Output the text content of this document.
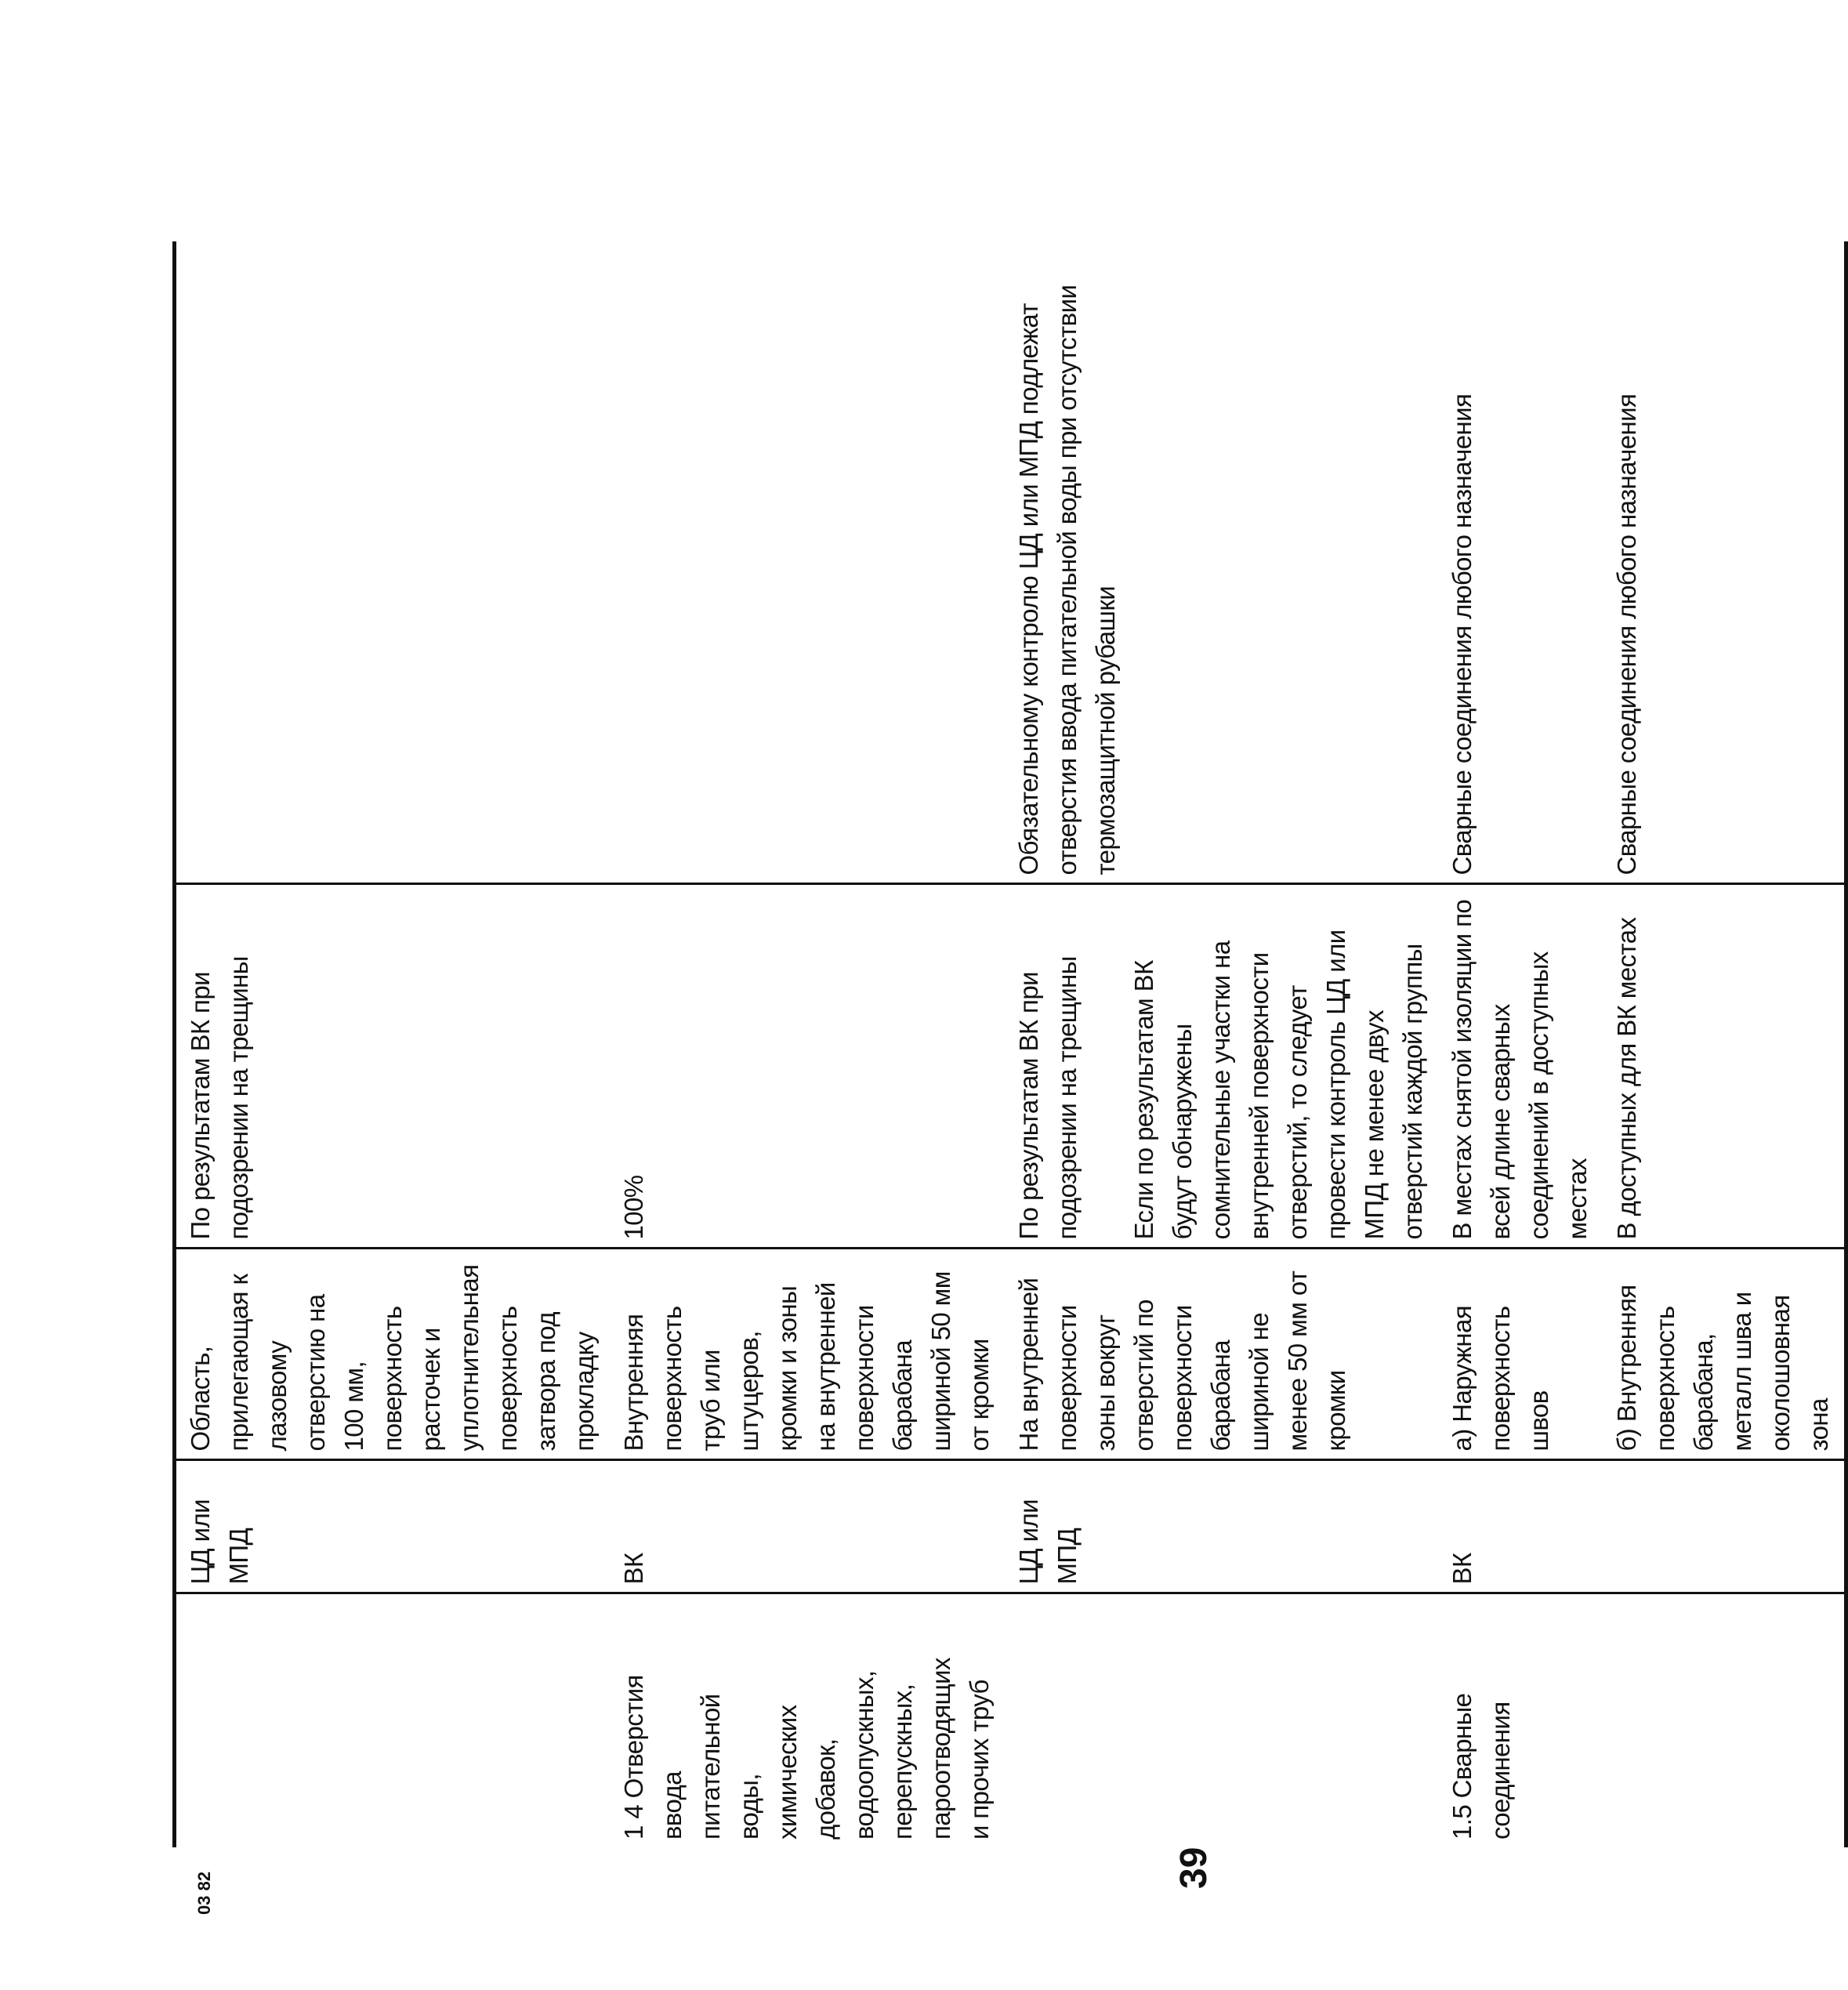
		ЦД или МПД	Область, прилегающая к лазовому отверстию на 100 мм, поверхность расточек и уплотнительная поверхность затвора под прокладку	По результатам ВК при подозрении на трещины	

1 4 Отверстия ввода питательной воды, химических добавок, водоопускных, перепускных, пароотводящих и прочих труб		ВК	Внутренняя поверхность труб или штуцеров, кромки и зоны на внутренней поверхности барабана шириной 50 мм от кромки	100%	

		ЦД или МПД	На внутренней поверхности зоны вокруг отверстий по поверхности барабана шириной не менее 50 мм от кромки	По результатам ВК при подозрении на трещины Если по результатам ВК будут обнаружены сомнительные участки на внутренней поверхности отверстий, то следует провести контроль ЦД или МПД не менее двух отверстий каждой группы	Обязательному контролю ЦД или МПД подлежат отверстия ввода питательной воды при отсутствии термозащитной рубашки

1.5 Сварные соединения		ВК	а) Наружная поверхность швов	В местах снятой изоляции по всей длине сварных соединений в доступных местах	Сварные соединения любого назначения

			б) Внутренняя поверхность барабана, металл шва и околошовная зона	В доступных для ВК местах	Сварные соединения любого назначения
03 82
39
